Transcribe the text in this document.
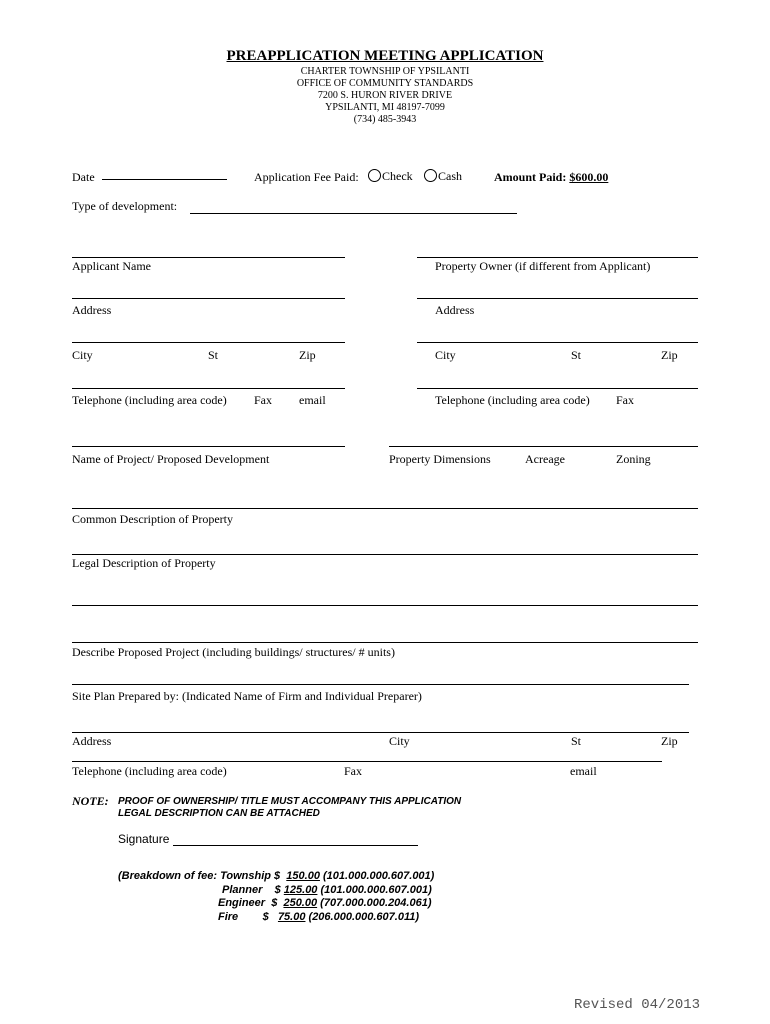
PREAPPLICATION MEETING APPLICATION
CHARTER TOWNSHIP OF YPSILANTI
OFFICE OF COMMUNITY STANDARDS
7200 S. HURON RIVER DRIVE
YPSILANTI, MI 48197-7099
(734) 485-3943
Date	Application Fee Paid:	Check	Cash	Amount Paid: $600.00
Type of development:
Applicant Name	Property Owner (if different from Applicant)
Address	Address
City	St	Zip	City	St	Zip
Telephone (including area code) Fax email	Telephone (including area code) Fax
Name of Project/ Proposed Development	Property Dimensions	Acreage	Zoning
Common Description of Property
Legal Description of Property
Describe Proposed Project (including buildings/ structures/ # units)
Site Plan Prepared by: (Indicated Name of Firm and Individual Preparer)
Address	City	St	Zip
Telephone (including area code)	Fax	email
NOTE: PROOF OF OWNERSHIP/ TITLE MUST ACCOMPANY THIS APPLICATION
LEGAL DESCRIPTION CAN BE ATTACHED
Signature
(Breakdown of fee: Township $ 150.00 (101.000.000.607.001)
Planner $ 125.00 (101.000.000.607.001)
Engineer $ 250.00 (707.000.000.204.061)
Fire $ 75.00 (206.000.000.607.011)
Revised 04/2013
